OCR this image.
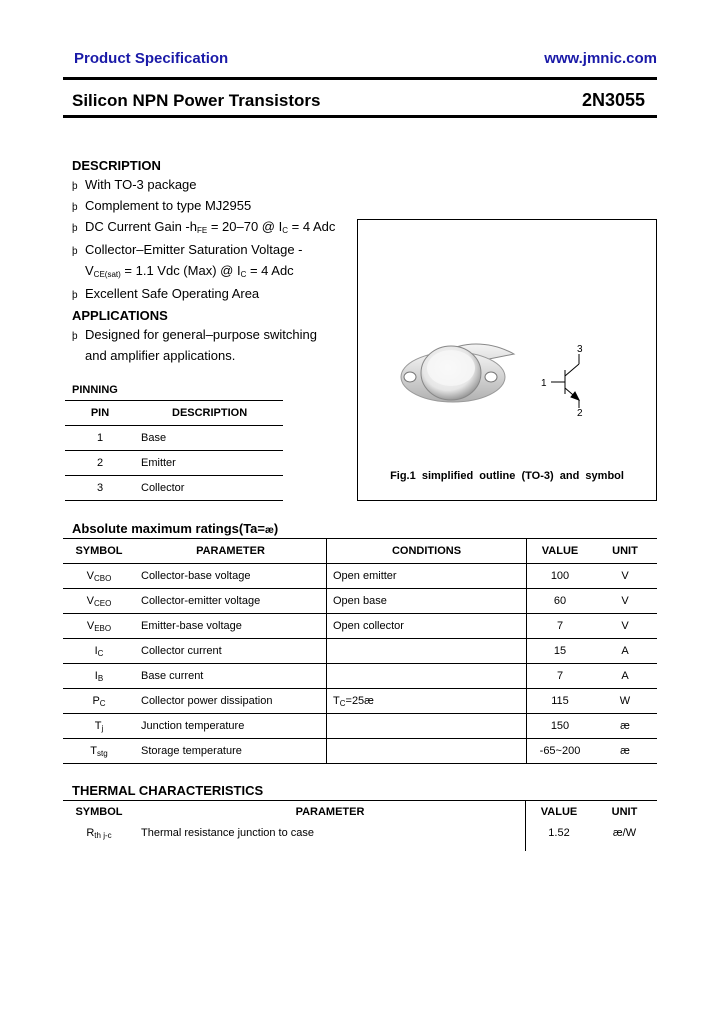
Product Specification	www.jmnic.com
Silicon NPN Power Transistors	2N3055
DESCRIPTION
þ With TO-3 package
þ Complement to type MJ2955
þ DC Current Gain $-h_{FE} = 20-70$ @ $I_C = 4$ Adc
þ Collector–Emitter Saturation Voltage -
$V_{CE(sat)} = 1.1$ Vdc (Max) @ $I_C = 4$ Adc
þ Excellent Safe Operating Area
APPLICATIONS
þ Designed for general–purpose switching
and amplifier applications.
PINNING
PIN	DESCRIPTION
1	Base
2	Emitter
3	Collector
1
2
3
Fig.1  simplified  outline  (TO-3)  and  symbol
Absolute maximum ratings(Ta=æ)
SYMBOL	PARAMETER	CONDITIONS	VALUE	UNIT
$V_{CBO}$	Collector-base voltage	Open emitter	100	V
$V_{CEO}$	Collector-emitter voltage	Open base	60	V
$V_{EBO}$	Emitter-base voltage	Open collector	7	V
$I_C$	Collector current		15	A
$I_B$	Base current		7	A
$P_C$	Collector power dissipation	$T_C=25æ$	115	W
$T_j$	Junction temperature		150	æ
$T_{stg}$	Storage temperature		-65~200	æ
THERMAL CHARACTERISTICS
SYMBOL	PARAMETER	VALUE	UNIT
$R_{th j-c}$	Thermal resistance junction to case	1.52	æ/W
